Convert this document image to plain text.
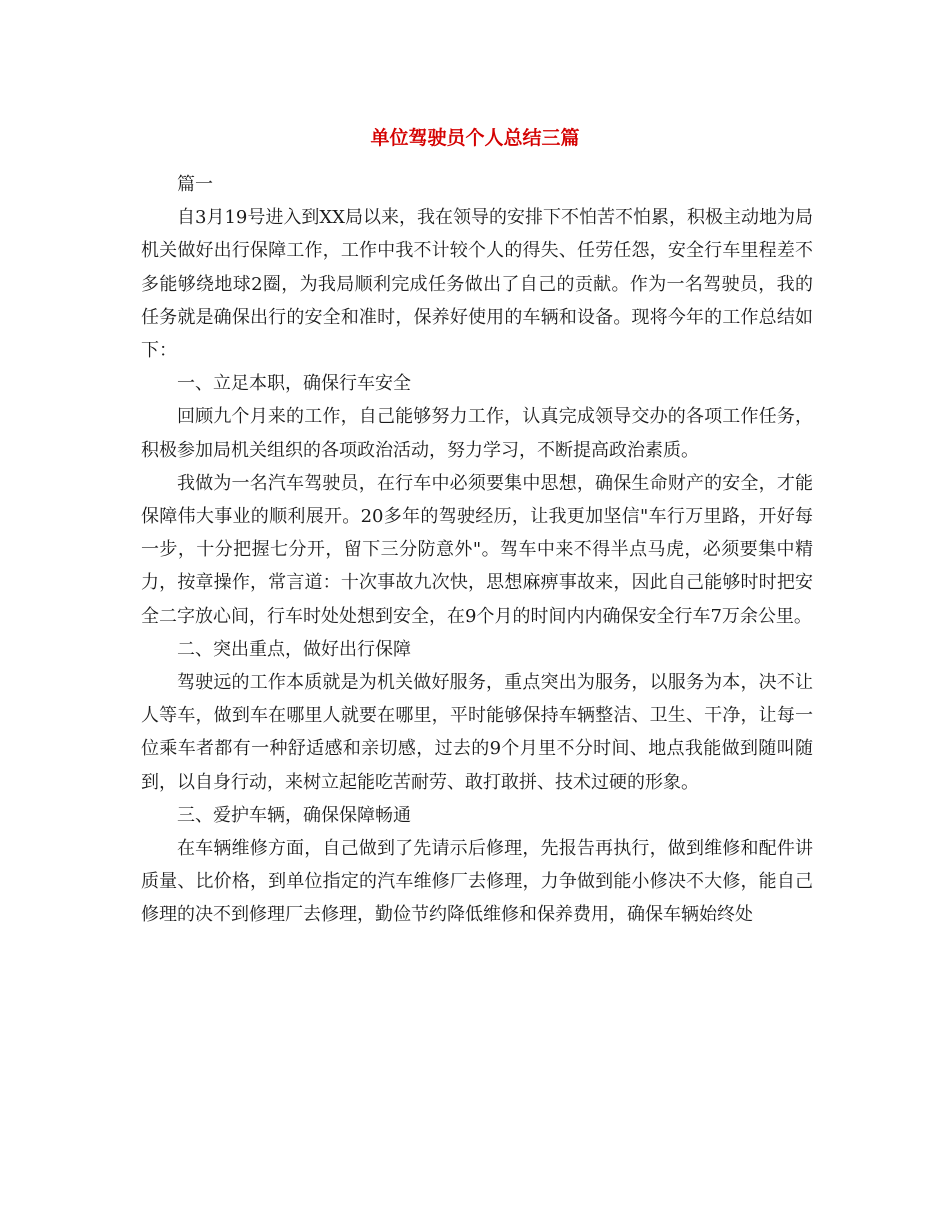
单位驾驶员个人总结三篇

篇一

自3月19号进入到XX局以来，我在领导的安排下不怕苦不怕累，积极主动地为局机关做好出行保障工作，工作中我不计较个人的得失、任劳任怨，安全行车里程差不多能够绕地球2圈，为我局顺利完成任务做出了自己的贡献。作为一名驾驶员，我的任务就是确保出行的安全和准时，保养好使用的车辆和设备。现将今年的工作总结如下：

一、立足本职，确保行车安全

回顾九个月来的工作，自己能够努力工作，认真完成领导交办的各项工作任务，积极参加局机关组织的各项政治活动，努力学习，不断提高政治素质。

我做为一名汽车驾驶员，在行车中必须要集中思想，确保生命财产的安全，才能保障伟大事业的顺利展开。20多年的驾驶经历，让我更加坚信"车行万里路，开好每一步，十分把握七分开，留下三分防意外"。驾车中来不得半点马虎，必须要集中精力，按章操作，常言道：十次事故九次快，思想麻痹事故来，因此自己能够时时把安全二字放心间，行车时处处想到安全，在9个月的时间内内确保安全行车7万余公里。

二、突出重点，做好出行保障

驾驶远的工作本质就是为机关做好服务，重点突出为服务，以服务为本，决不让人等车，做到车在哪里人就要在哪里，平时能够保持车辆整洁、卫生、干净，让每一位乘车者都有一种舒适感和亲切感，过去的9个月里不分时间、地点我能做到随叫随到，以自身行动，来树立起能吃苦耐劳、敢打敢拼、技术过硬的形象。

三、爱护车辆，确保保障畅通

在车辆维修方面，自己做到了先请示后修理，先报告再执行，做到维修和配件讲质量、比价格，到单位指定的汽车维修厂去修理，力争做到能小修决不大修，能自己修理的决不到修理厂去修理，勤俭节约降低维修和保养费用，确保车辆始终处
